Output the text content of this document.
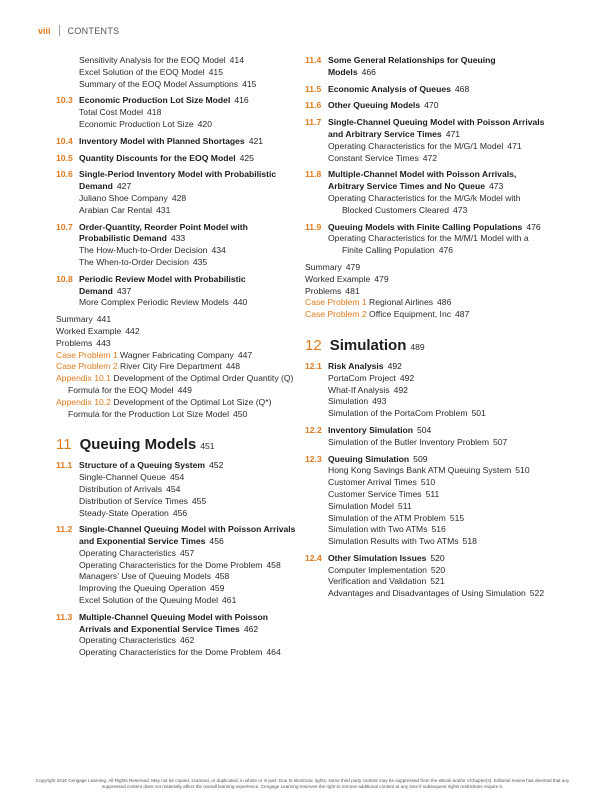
viii CONTENTS
Sensitivity Analysis for the EOQ Model 414
Excel Solution of the EOQ Model 415
Summary of the EOQ Model Assumptions 415
10.3 Economic Production Lot Size Model 416
Total Cost Model 418
Economic Production Lot Size 420
10.4 Inventory Model with Planned Shortages 421
10.5 Quantity Discounts for the EOQ Model 425
10.6 Single-Period Inventory Model with Probabilistic Demand 427
Juliano Shoe Company 428
Arabian Car Rental 431
10.7 Order-Quantity, Reorder Point Model with Probabilistic Demand 433
The How-Much-to-Order Decision 434
The When-to-Order Decision 435
10.8 Periodic Review Model with Probabilistic Demand 437
More Complex Periodic Review Models 440
Summary 441
Worked Example 442
Problems 443
Case Problem 1 Wagner Fabricating Company 447
Case Problem 2 River City Fire Department 448
Appendix 10.1 Development of the Optimal Order Quantity (Q) Formula for the EOQ Model 449
Appendix 10.2 Development of the Optimal Lot Size (Q*) Formula for the Production Lot Size Model 450
11 Queuing Models 451
11.1 Structure of a Queuing System 452
Single-Channel Queue 454
Distribution of Arrivals 454
Distribution of Service Times 455
Steady-State Operation 456
11.2 Single-Channel Queuing Model with Poisson Arrivals and Exponential Service Times 456
Operating Characteristics 457
Operating Characteristics for the Dome Problem 458
Managers’ Use of Queuing Models 458
Improving the Queuing Operation 459
Excel Solution of the Queuing Model 461
11.3 Multiple-Channel Queuing Model with Poisson Arrivals and Exponential Service Times 462
Operating Characteristics 462
Operating Characteristics for the Dome Problem 464
11.4 Some General Relationships for Queuing Models 466
11.5 Economic Analysis of Queues 468
11.6 Other Queuing Models 470
11.7 Single-Channel Queuing Model with Poisson Arrivals and Arbitrary Service Times 471
Operating Characteristics for the M/G/1 Model 471
Constant Service Times 472
11.8 Multiple-Channel Model with Poisson Arrivals, Arbitrary Service Times and No Queue 473
Operating Characteristics for the M/G/k Model with Blocked Customers Cleared 473
11.9 Queuing Models with Finite Calling Populations 476
Operating Characteristics for the M/M/1 Model with a Finite Calling Population 476
Summary 479
Worked Example 479
Problems 481
Case Problem 1 Regional Airlines 486
Case Problem 2 Office Equipment, Inc 487
12 Simulation 489
12.1 Risk Analysis 492
PortaCom Project 492
What-If Analysis 492
Simulation 493
Simulation of the PortaCom Problem 501
12.2 Inventory Simulation 504
Simulation of the Butler Inventory Problem 507
12.3 Queuing Simulation 509
Hong Kong Savings Bank ATM Queuing System 510
Customer Arrival Times 510
Customer Service Times 511
Simulation Model 511
Simulation of the ATM Problem 515
Simulation with Two ATMs 516
Simulation Results with Two ATMs 518
12.4 Other Simulation Issues 520
Computer Implementation 520
Verification and Validation 521
Advantages and Disadvantages of Using Simulation 522
Copyright 2016 Cengage Learning. All Rights Reserved. May not be copied, scanned, or duplicated, in whole or in part. Due to electronic rights, some third party content may be suppressed from the eBook and/or eChapter(s). Editorial review has deemed that any suppressed content does not materially affect the overall learning experience. Cengage Learning reserves the right to remove additional content at any time if subsequent rights restrictions require it.
